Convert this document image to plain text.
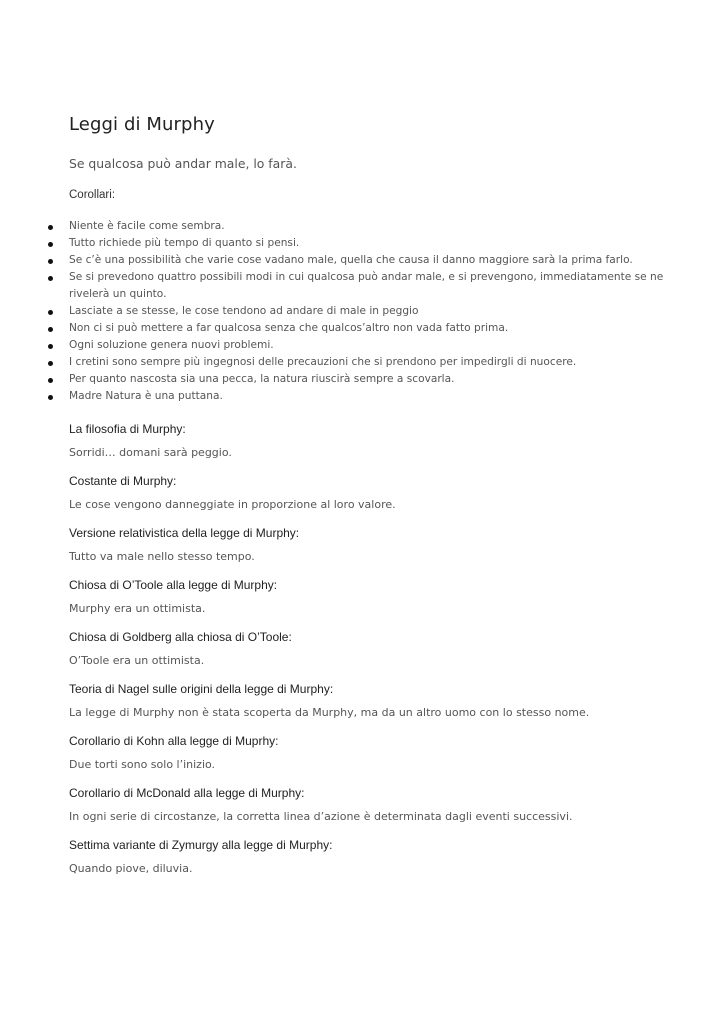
Leggi di Murphy

Se qualcosa può andar male, lo farà.

Corollari:

Niente è facile come sembra.
Tutto richiede più tempo di quanto si pensi.
Se c’è una possibilità che varie cose vadano male, quella che causa il danno maggiore sarà la prima farlo.
Se si prevedono quattro possibili modi in cui qualcosa può andar male, e si prevengono, immediatamente se ne rivelerà un quinto.
Lasciate a se stesse, le cose tendono ad andare di male in peggio
Non ci si può mettere a far qualcosa senza che qualcos’altro non vada fatto prima.
Ogni soluzione genera nuovi problemi.
I cretini sono sempre più ingegnosi delle precauzioni che si prendono per impedirgli di nuocere.
Per quanto nascosta sia una pecca, la natura riuscirà sempre a scovarla.
Madre Natura è una puttana.

La filosofia di Murphy:

Sorridi… domani sarà peggio.

Costante di Murphy:

Le cose vengono danneggiate in proporzione al loro valore.

Versione relativistica della legge di Murphy:

Tutto va male nello stesso tempo.

Chiosa di O’Toole alla legge di Murphy:

Murphy era un ottimista.

Chiosa di Goldberg alla chiosa di O’Toole:

O’Toole era un ottimista.

Teoria di Nagel sulle origini della legge di Murphy:

La legge di Murphy non è stata scoperta da Murphy, ma da un altro uomo con lo stesso nome.

Corollario di Kohn alla legge di Muprhy:

Due torti sono solo l’inizio.

Corollario di McDonald alla legge di Murphy:

In ogni serie di circostanze, la corretta linea d’azione è determinata dagli eventi successivi.

Settima variante di Zymurgy alla legge di Murphy:

Quando piove, diluvia.
